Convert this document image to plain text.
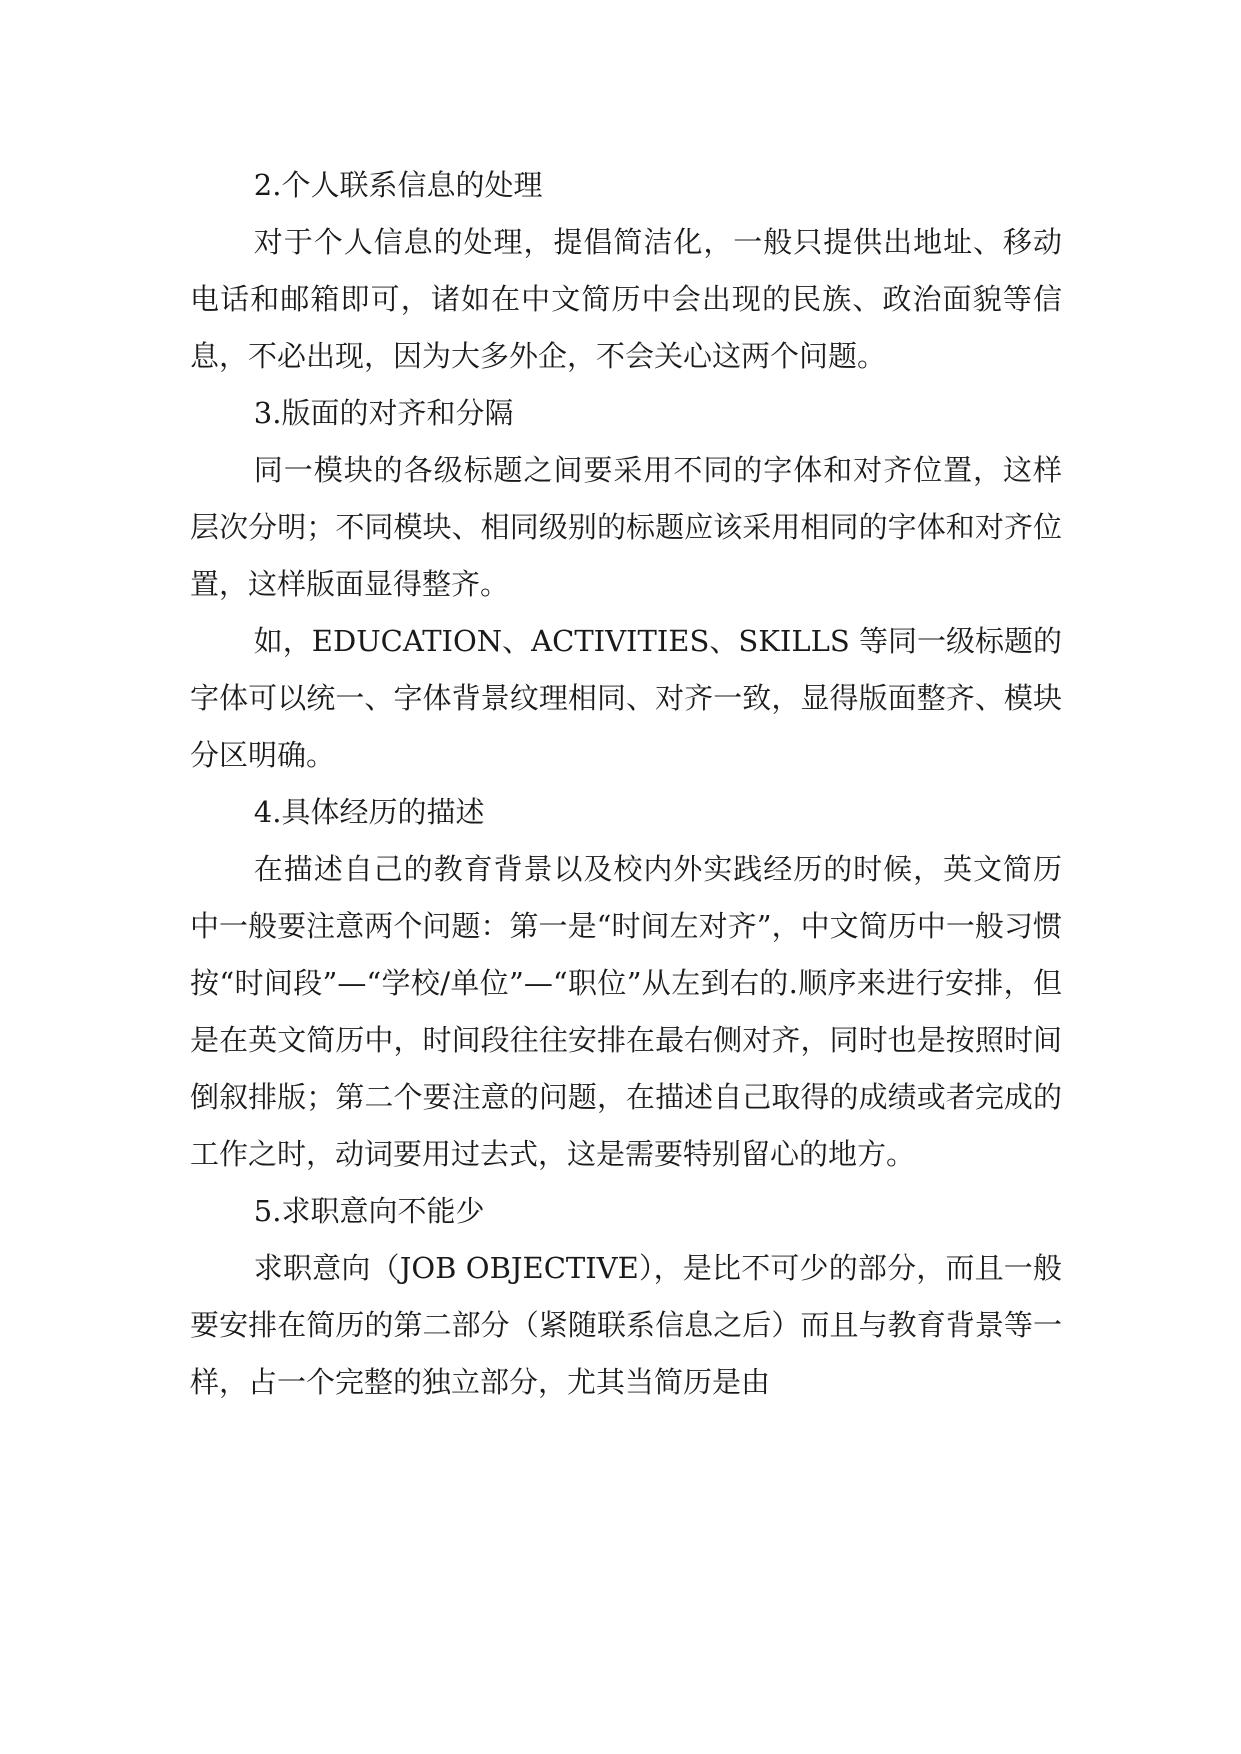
2.个人联系信息的处理

对于个人信息的处理，提倡简洁化，一般只提供出地址、移动电话和邮箱即可，诸如在中文简历中会出现的民族、政治面貌等信息，不必出现，因为大多外企，不会关心这两个问题。

3.版面的对齐和分隔

同一模块的各级标题之间要采用不同的字体和对齐位置，这样层次分明；不同模块、相同级别的标题应该采用相同的字体和对齐位置，这样版面显得整齐。

如，EDUCATION、ACTIVITIES、SKILLS 等同一级标题的字体可以统一、字体背景纹理相同、对齐一致，显得版面整齐、模块分区明确。

4.具体经历的描述

在描述自己的教育背景以及校内外实践经历的时候，英文简历中一般要注意两个问题：第一是“时间左对齐”，中文简历中一般习惯按“时间段”—“学校/单位”—“职位”从左到右的.顺序来进行安排，但是在英文简历中，时间段往往安排在最右侧对齐，同时也是按照时间倒叙排版；第二个要注意的问题，在描述自己取得的成绩或者完成的工作之时，动词要用过去式，这是需要特别留心的地方。

5.求职意向不能少

求职意向（JOB OBJECTIVE），是比不可少的部分，而且一般要安排在简历的第二部分（紧随联系信息之后）而且与教育背景等一样，占一个完整的独立部分，尤其当简历是由
